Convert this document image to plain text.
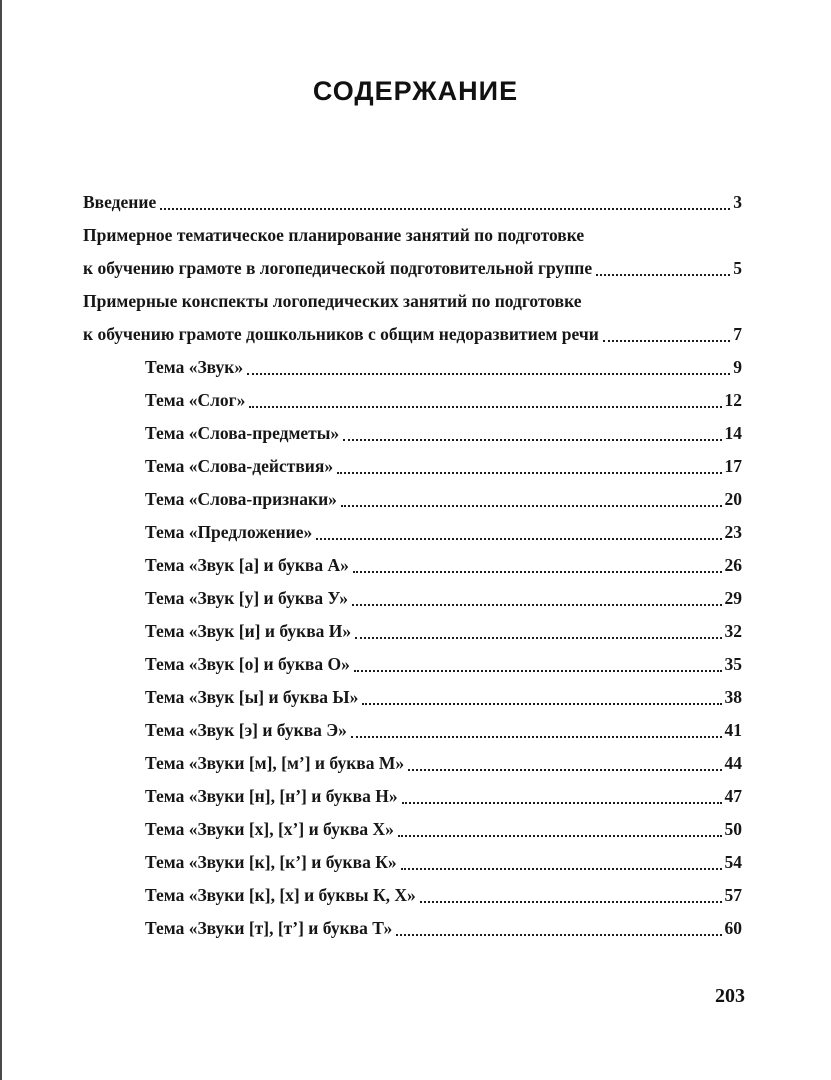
СОДЕРЖАНИЕ
Введение	3
Примерное тематическое планирование занятий по подготовке
к обучению грамоте в логопедической подготовительной группе	5
Примерные конспекты логопедических занятий по подготовке
к обучению грамоте дошкольников с общим недоразвитием речи	7
Тема «Звук»	9
Тема «Слог»	12
Тема «Слова-предметы»	14
Тема «Слова-действия»	17
Тема «Слова-признаки»	20
Тема «Предложение»	23
Тема «Звук [а] и буква А»	26
Тема «Звук [у] и буква У»	29
Тема «Звук [и] и буква И»	32
Тема «Звук [о] и буква О»	35
Тема «Звук [ы] и буква Ы»	38
Тема «Звук [э] и буква Э»	41
Тема «Звуки [м], [м’] и буква М»	44
Тема «Звуки [н], [н’] и буква Н»	47
Тема «Звуки [х], [х’] и буква Х»	50
Тема «Звуки [к], [к’] и буква К»	54
Тема «Звуки [к], [х] и буквы К, Х»	57
Тема «Звуки [т], [т’] и буква Т»	60
203
